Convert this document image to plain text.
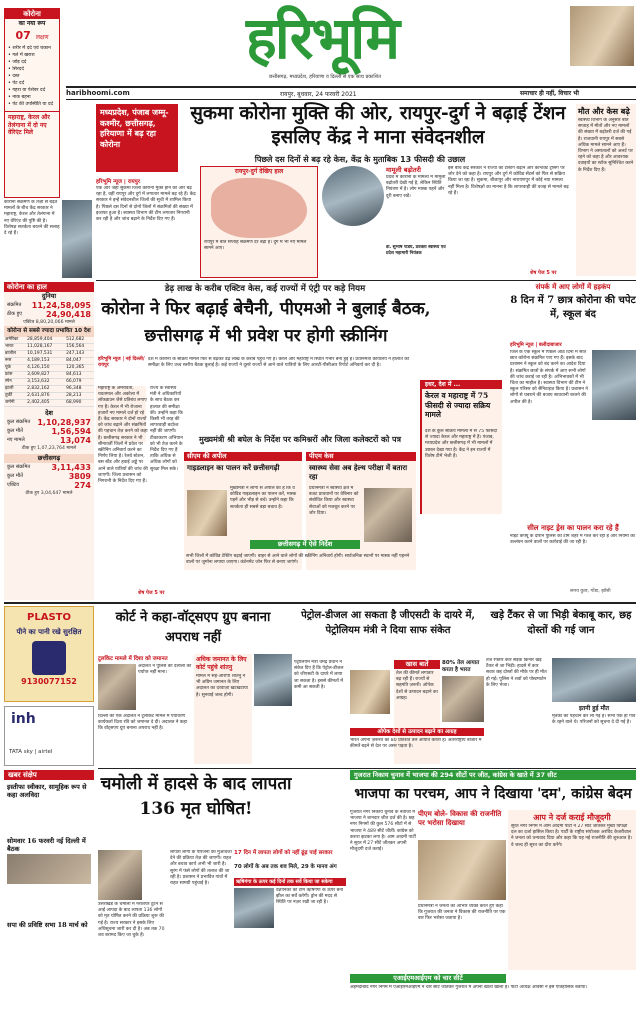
कोरोना
का नया रूप
07 लक्षण
• शरीर में दर्द एवं थकान
• गले में खराश
• जोड़ दर्द
• सिरदर्द
• दस्त
• पेट दर्द
• गहरा या पेशेवर दर्द
• नाक बहना
• पेट की उपस्थिति या दर्द
महाराष्ट्र, केरल और तेलंगाना में दो नए वेरिएंट मिले
हरिभूमि
छत्तीसगढ़, मध्यप्रदेश, हरियाणा व दिल्ली से एक साथ प्रकाशित
haribhoomi.com	रायपुर, बुधवार, 24 फरवरी 2021	समाचार ही नहीं, विचार भी
कोरोना का हाल
दुनिया
संक्रमित 11,24,58,095
ठीक हुए	24,90,418
एक्टिव 8,80,20,066 मामले
कोरोना से सबसे ज्यादा प्रभावित 10 देश
अमेरिका	28,859,404	512,682
भारत	11,028,167	156,564
ब्राजील	10,197,531	247,143
रूस	4,189,153	84,047
यूके	4,126,150	120,365
फ्रांस	3,609,827	84,613
स्पेन	3,153,632	66,079
इटली	2,832,162	96,348
तुर्की	2,631,876	28,213
जर्मनी	2,402,405	68,990
देश
कुल संक्रमित 1,10,28,937
कुल मौतें	1,56,594
नए मामले	13,074
ठीक हुए 1,07,23,764 मामले
छत्तीसगढ़
कुल संक्रमित	3,11,433
कुल मौतें	3809
एक्टिव	274
ठीक हुए 3,04,647 मामले
कोरोना संक्रमण के तेज़ी से बढ़ते मामलों के बीच केंद्र सरकार ने महाराष्ट्र, केरल और तेलंगाना में नए वेरिएंट की पुष्टि की है। विशेषज्ञ सतर्कता बरतने की सलाह दे रहे हैं।
मध्यप्रदेश, पंजाब जम्मू-कश्मीर, छत्तीसगढ़, हरियाणा में बढ़ रहा कोरोना
सुकमा कोरोना मुक्ति की ओर, रायपुर-दुर्ग ने बढ़ाई टेंशन इसलिए केंद्र ने माना संवेदनशील
पिछले दस दिनों से बढ़ रहे केस, केंद्र के मुताबिक 13 फीसदी की उछाल
हरिभूमि न्यूज | रायपुर
एक ओर जहां सुकमा जिला कोरोना मुक्त होने की ओर बढ़ रहा है, वहीं रायपुर और दुर्ग में लगातार मामले बढ़ रहे हैं। केंद्र सरकार ने इन्हें संवेदनशील जिलों की सूची में शामिल किया है। पिछले दस दिनों से दोनों जिलों में संक्रमितों की संख्या में इजाफा हुआ है। स्वास्थ्य विभाग की टीम लगातार निगरानी कर रही है और जांच बढ़ाने के निर्देश दिए गए हैं।
रायपुर-दुर्ग देखिए हाल
रायपुर में बीते सप्ताह संक्रमण दर बढ़ी है। दुर्ग में भी नए मामले सामने आए।
मामूली बढ़ोतरी
प्रदेश में कोरोना के मामलों में मामूली बढ़ोतरी देखी गई है, लेकिन स्थिति नियंत्रण में है। लोग मास्क पहनें और दूरी बनाए रखें।
डॉ. सुभाष पांडेय, प्रवक्ता स्वास्थ्य एवं प्रदेश महामारी नियंत्रक
इस बीच केंद्र सरकार ने राज्यों को टेस्टिंग बढ़ाने और कॉन्टैक्ट ट्रेसिंग पर जोर देने को कहा है। रायपुर और दुर्ग में कोविड सेंटर्स को फिर से सक्रिय किया जा रहा है। सुकमा, बीजापुर और नारायणपुर में कोई नया मामला नहीं मिला है। विशेषज्ञों का मानना है कि लापरवाही की वजह से मामले बढ़ रहे हैं।
शेष पेज 5 पर
मौत और केस बढ़े
स्वास्थ्य विभाग के अनुसार बीते सप्ताह में मौतों और नए मामलों की संख्या में बढ़ोतरी दर्ज की गई है। राजधानी रायपुर में सबसे अधिक मामले सामने आए हैं। विभाग ने अस्पतालों को अलर्ट पर रहने को कहा है और आवश्यक दवाइयों का स्टॉक सुनिश्चित करने के निर्देश दिए हैं।
डेढ़ लाख के करीब एक्टिव केस, कई राज्यों में एंट्री पर कड़े नियम
कोरोना ने फिर बढ़ाई बेचैनी, पीएमओ ने बुलाई बैठक, छत्तीसगढ़ में भी प्रवेश पर होगी स्क्रीनिंग
हरिभूमि न्यूज | नई दिल्ली/रायपुर
देश में कोरोना के सक्रिय मामले फिर से बढ़कर डेढ़ लाख के करीब पहुंच गए हैं। केरल और महाराष्ट्र में स्थिति गंभीर बनी हुई है। प्रधानमंत्री कार्यालय ने हालात की समीक्षा के लिए उच्च स्तरीय बैठक बुलाई है। कई राज्यों ने दूसरे राज्यों से आने वाले यात्रियों के लिए आरटी-पीसीआर रिपोर्ट अनिवार्य कर दी है।
महाराष्ट्र के अमरावती, यवतमाल और अकोला में लॉकडाउन जैसे प्रतिबंध लगाए गए हैं। केरल में भी रोजाना हजारों नए मामले दर्ज हो रहे हैं। केंद्र सरकार ने दोनों राज्यों को जांच बढ़ाने और संक्रमितों की पहचान तेज़ करने को कहा है। छत्तीसगढ़ सरकार ने भी सीमावर्ती जिलों में प्रवेश पर स्क्रीनिंग अनिवार्य करने का निर्णय लिया है। रेलवे स्टेशन, बस स्टैंड और हवाई अड्डे पर आने वाले यात्रियों की जांच की जाएगी। जिला प्रशासन को निगरानी के निर्देश दिए गए हैं।
राज्य के स्वास्थ्य मंत्री ने अधिकारियों के साथ बैठक कर हालात की समीक्षा की। उन्होंने कहा कि किसी भी तरह की लापरवाही बर्दाश्त नहीं की जाएगी। टीकाकरण अभियान को भी तेज़ करने के निर्देश दिए गए हैं ताकि अधिक से अधिक लोगों को सुरक्षा मिल सके।
शेष पेज 5 पर
इधर, देश में ...
केरल व महाराष्ट्र में 75 फीसदी से ज्यादा सक्रिय मामले
देश के कुल सक्रिय मामलों में से 75 फीसदी से ज्यादा केरल और महाराष्ट्र में हैं। पंजाब, मध्यप्रदेश और छत्तीसगढ़ में भी मामलों में उछाल देखा गया है। केंद्र ने इन राज्यों में विशेष टीमें भेजी हैं।
मुख्यमंत्री श्री बघेल के निर्देश पर कमिश्नरों और जिला कलेक्टरों को पत्र
सीएम की अपील
गाइडलाइन का पालन करें छत्तीसगढ़ी
मुख्यमंत्री ने लोगों से अपील की है कि वे कोविड गाइडलाइन का पालन करें, मास्क पहनें और भीड़ से बचें। उन्होंने कहा कि सतर्कता ही सबसे बड़ा बचाव है।
पीएम केस
स्वास्थ्य सेवा अब हेल्थ परीक्षा में बतारा रहा
प्रधानमंत्री ने स्वास्थ्य क्षेत्र में बजट प्रावधानों पर वेबिनार को संबोधित किया और स्वास्थ्य सेवाओं को मजबूत करने पर जोर दिया।
छत्तीसगढ़ में ऐसे निर्देश
सभी जिलों में कोविड टेस्टिंग बढ़ाई जाएगी। बाहर से आने वाले लोगों की स्क्रीनिंग अनिवार्य होगी। सार्वजनिक स्थानों पर मास्क नहीं पहनने वालों पर जुर्माना लगाया जाएगा। कंटेनमेंट जोन फिर से बनाए जाएंगे।
संपर्क में आए लोगों में हड़कंप
8 दिन में 7 छात्र कोरोना की चपेट में, स्कूल बंद
हरिभूमि न्यूज | बलौदाबाजार
जिले के एक स्कूल में पिछले आठ दिनों में सात छात्र कोरोना संक्रमित पाए गए हैं। इसके बाद प्रशासन ने स्कूल को बंद करने का आदेश दिया है। संक्रमित छात्रों के संपर्क में आए सभी लोगों की जांच कराई जा रही है। अभिभावकों में भी चिंता का माहौल है। स्वास्थ्य विभाग की टीम ने स्कूल परिसर को सैनिटाइज़ किया है। प्रशासन ने लोगों से घबराने की बजाय सावधानी बरतने की अपील की है।
सील नाइट ड्रेस का पालन करा रहे हैं
नाइट कर्फ्यू के दौरान पुलिस की टीमें शहर में गश्त कर रही हैं और नियमों का उल्लंघन करने वालों पर कार्रवाई की जा रही है।
समय कुछ, गोंडा, झाँसी
PLASTO
पीने का पानी रखे सुरक्षित
9130077152
inh
TATA sky | airtel
खबर संक्षेप
इस्तीफा स्वीकार, सामूहिक रूप से कहा अलविदा
सोमवार 16 फरवरी नई दिल्ली में बैठक
सपा की प्रविष्टि सभा 18 मार्च को
कोर्ट ने कहा-वॉट्सएप ग्रुप बनाना अपराध नहीं
टूलकिट मामले में दिशा को जमानत
दिल्ली की एक अदालत ने टूलकिट मामले में पर्यावरण कार्यकर्ता दिशा रवि को जमानत दे दी। अदालत ने कहा कि वॉट्सएप ग्रुप बनाना अपराध नहीं है।
अदालत ने पुलिस की दलीलों को पर्याप्त नहीं माना।
अधिक जमानत के लिए कोर्ट पहुंचे शांतनु
मामले में सह-आरोपी शांतनु ने भी अग्रिम जमानत के लिए अदालत का दरवाज़ा खटखटाया है। सुनवाई जल्द होगी।
पेट्रोल-डीजल आ सकता है जीएसटी के दायरे में, पेट्रोलियम मंत्री ने दिया साफ संकेत
पेट्रोलियम मंत्री धर्मेंद्र प्रधान ने संकेत दिए हैं कि पेट्रोल-डीजल को जीएसटी के दायरे में लाया जा सकता है। इससे कीमतों में कमी आ सकती है।
खास बातें
तेल की कीमतें लगातार बढ़ रही हैं। राज्यों से सहमति ज़रूरी। ओपेक देशों से उत्पादन बढ़ाने का आग्रह।
80% तेल आयात करता है भारत
ओपेक देशों से उत्पादन बढ़ाने का आग्रह
भारत अपनी ज़रूरत का 80 प्रतिशत तेल आयात करता है। अंतरराष्ट्रीय बाजार में कीमतें बढ़ने से देश पर असर पड़ता है।
खड़े टैंकर से जा भिड़ी बेकाबू कार, छह दोस्तों की गई जान
तेज रफ्तार कार सड़क किनारे खड़े टैंकर से जा भिड़ी। हादसे में कार सवार छह दोस्तों की मौके पर ही मौत हो गई। पुलिस ने शवों को पोस्टमार्टम के लिए भेजा।
इतनी हुई मौत
मृतकों की पहचान कर ली गई है। सभी एक ही गांव के रहने वाले थे। परिजनों को सूचना दे दी गई है।
चमोली में हादसे के बाद लापता 136 मृत घोषित!
उत्तराखंड के चमोली में ग्लेशियर टूटने से आई आपदा के बाद लापता 136 लोगों को मृत घोषित करने की प्रक्रिया शुरू की गई है। राज्य सरकार ने इसके लिए अधिसूचना जारी कर दी है। अब तक 70 शव बरामद किए जा चुके हैं।
लापता लोगों के परिजनों को मुआवजा देने की प्रक्रिया तेज़ की जाएगी। राहत और बचाव कार्य अभी भी जारी है। सुरंग में फंसे लोगों की तलाश की जा रही है। प्रशासन ने प्रभावित गांवों में राहत सामग्री पहुंचाई है।
17 दिन में लापता लोगों को नहीं ढूंढ़ पाई सरकार
70 लोगों के अब तक शव मिले, 29 के मानव अंग
ऋषिगंगा के ऊपर कई दिनों तक सर्वे किया जा सकेगा
वैज्ञानिकों की टीम ऋषिगंगा के ऊपर बनी झील का सर्वे करेगी। ड्रोन की मदद से स्थिति पर नज़र रखी जा रही है।
गुजरात निकाय चुनाव में भाजपा की 294 सीटों पर जीत, कांग्रेस के खाते में 37 सीट
भाजपा का परचम, आप ने दिखाया 'दम', कांग्रेस बेदम
गुजरात नगर निकाय चुनाव के नतीजों में भाजपा ने शानदार जीत दर्ज की है। छह नगर निगमों की कुल 576 सीटों में से भाजपा ने 489 सीटें जीतीं। कांग्रेस को करारा झटका लगा है। आम आदमी पार्टी ने सूरत में 27 सीटें जीतकर अपनी मौजूदगी दर्ज कराई।
पीएम बोले- विकास की राजनीति पर भरोसा दिखाया
प्रधानमंत्री ने जनता का आभार व्यक्त करते हुए कहा कि गुजरात की जनता ने विकास की राजनीति पर एक बार फिर भरोसा जताया है।
आप ने दर्ज कराई मौजूदगी
सूरत नगर निगम में आम आदमी पार्टी ने 27 सीटें जीतकर मुख्य विपक्षी दल का दर्जा हासिल किया है। पार्टी के राष्ट्रीय संयोजक अरविंद केजरीवाल ने जनता को धन्यवाद दिया और कहा कि यह नई राजनीति की शुरुआत है। वे जल्द ही सूरत का दौरा करेंगे।
एआईएमआईएम को चार सीटें
अहमदाबाद नगर निगम में एआईएमआईएम ने चार सीटें जीतकर गुजरात में अपना खाता खोला है। पार्टी अध्यक्ष ओवैसी ने इसे ऐतिहासिक बताया।
